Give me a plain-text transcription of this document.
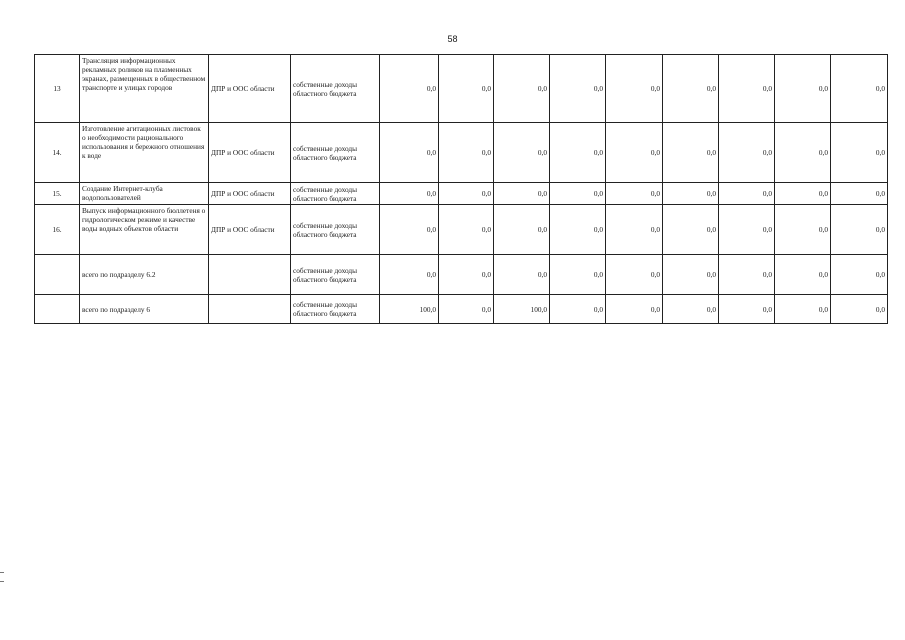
58
13	Трансляция информационных рекламных роликов на плазменных экранах, размещенных в общественном транспорте и улицах городов	ДПР и ООС области	собственные доходы областного бюджета	0,0	0,0	0,0	0,0	0,0	0,0	0,0	0,0	0,0
14.	Изготовление агитационных листовок о необходимости рационального использования и бережного отношения к воде	ДПР и ООС области	собственные доходы областного бюджета	0,0	0,0	0,0	0,0	0,0	0,0	0,0	0,0	0,0
15.	Создание Интернет-клуба водопользователей	ДПР и ООС области	собственные доходы областного бюджета	0,0	0,0	0,0	0,0	0,0	0,0	0,0	0,0	0,0
16.	Выпуск информационного бюллетеня о гидрологическом режиме и качестве воды водных объектов области	ДПР и ООС области	собственные доходы областного бюджета	0,0	0,0	0,0	0,0	0,0	0,0	0,0	0,0	0,0
	всего по подразделу 6.2		собственные доходы областного бюджета	0,0	0,0	0,0	0,0	0,0	0,0	0,0	0,0	0,0
	всего по подразделу 6		собственные доходы областного бюджета	100,0	0,0	100,0	0,0	0,0	0,0	0,0	0,0	0,0
